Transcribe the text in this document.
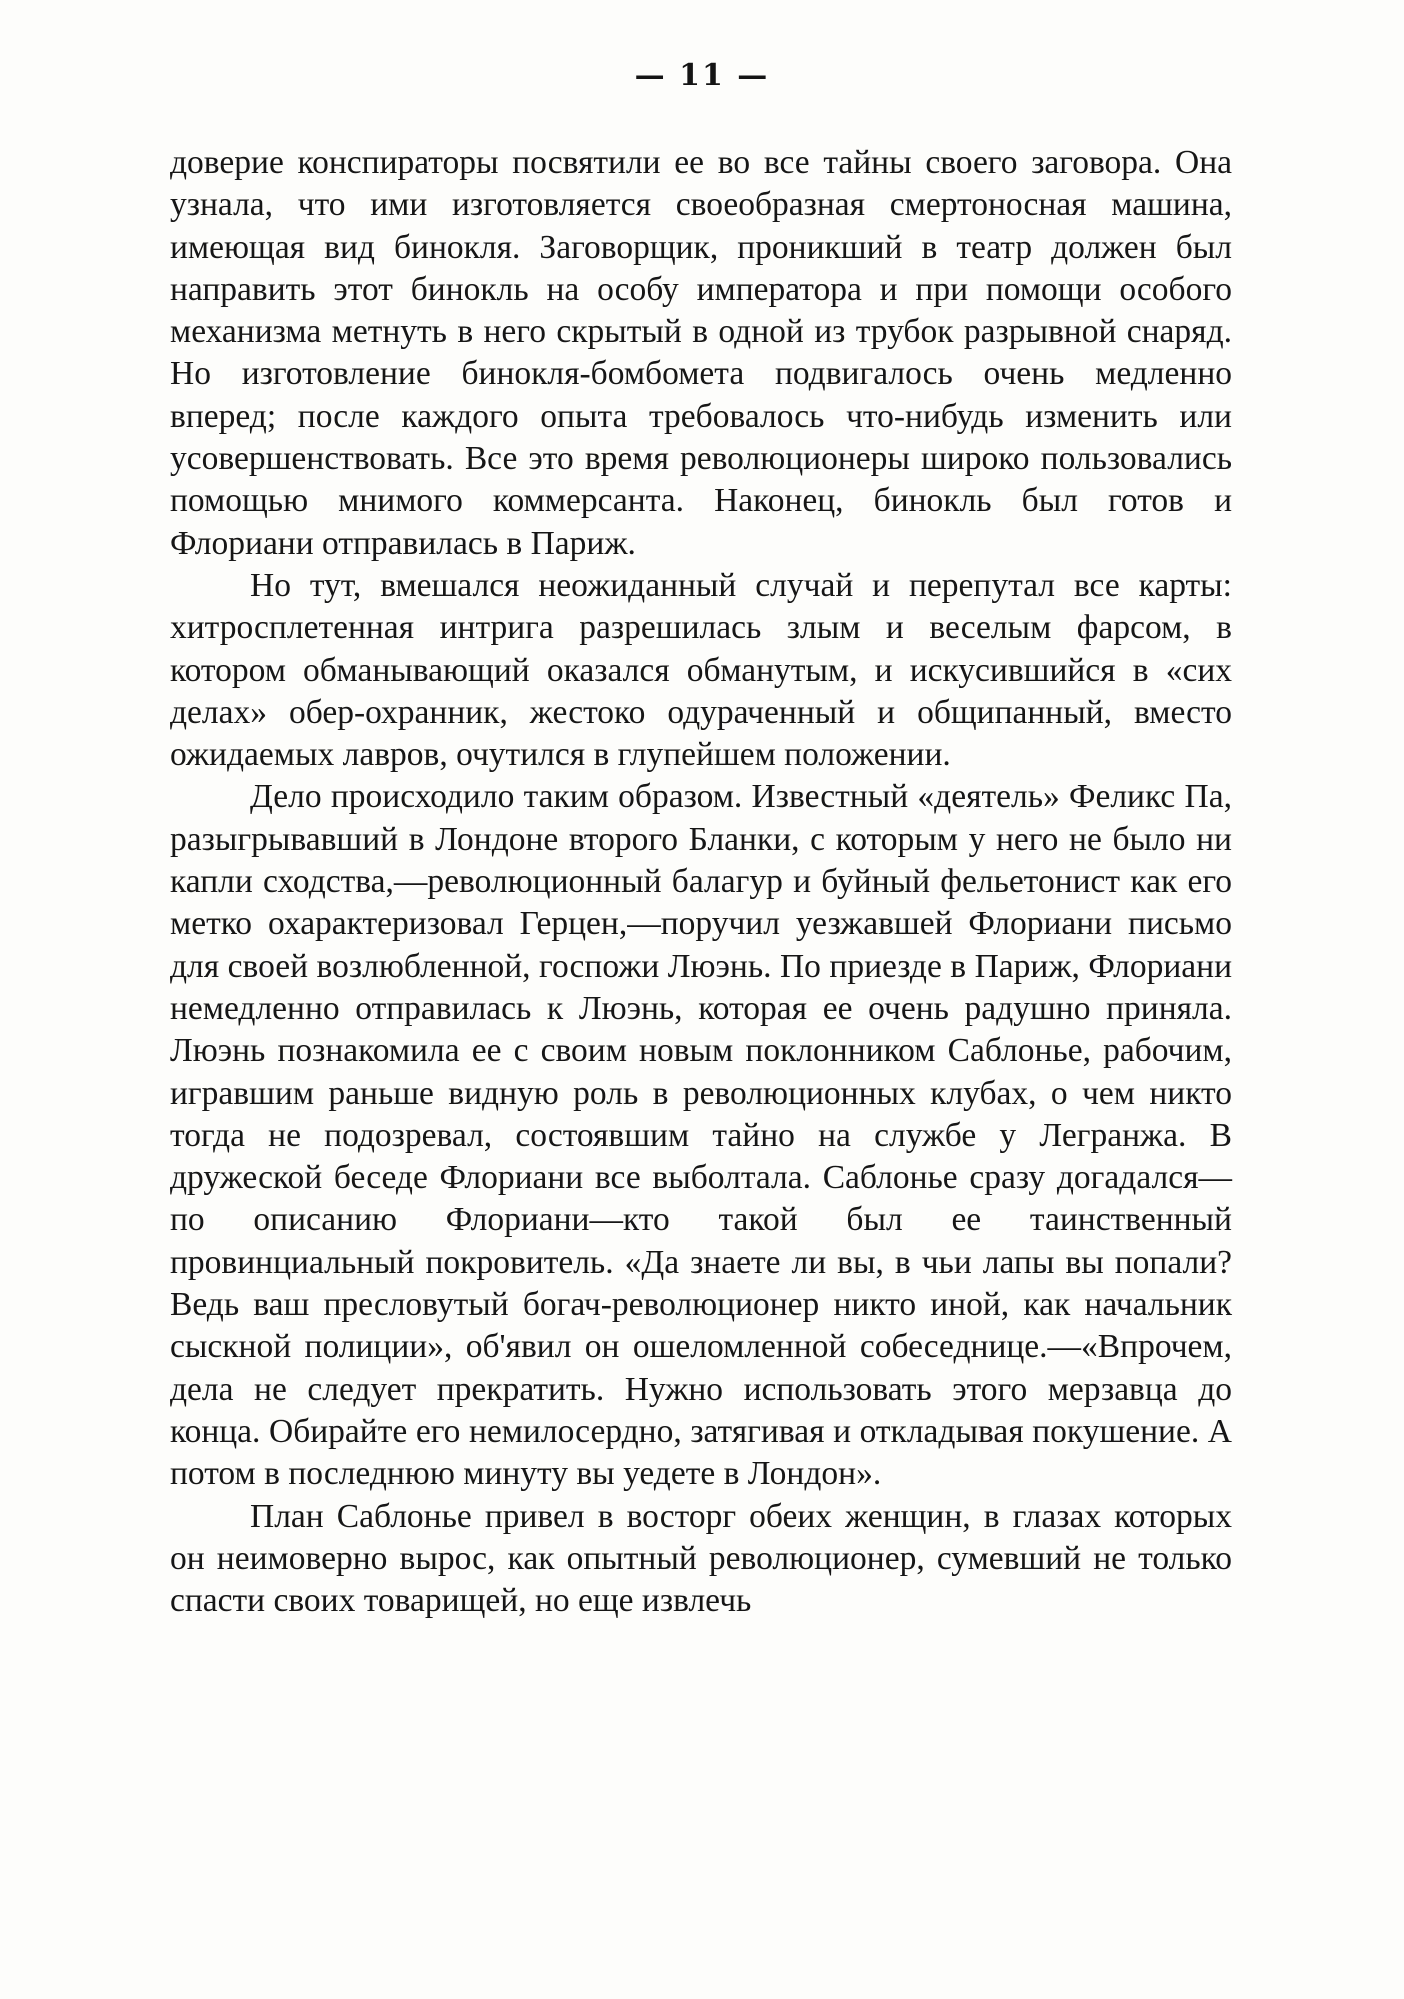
— 11 —

доверие конспираторы посвятили ее во все тайны своего заговора. Она узнала, что ими изготовляется своеобразная смертоносная машина, имеющая вид бинокля. Заговорщик, проникший в театр должен был направить этот бинокль на особу императора и при помощи особого механизма метнуть в него скрытый в одной из трубок разрывной снаряд. Но изготовление бинокля-бомбомета подвигалось очень медленно вперед; после каждого опыта требовалось что-нибудь изменить или усовершенствовать. Все это время революционеры широко пользовались помощью мнимого коммерсанта. Наконец, бинокль был готов и Флориани отправилась в Париж.

Но тут, вмешался неожиданный случай и перепутал все карты: хитросплетенная интрига разрешилась злым и веселым фарсом, в котором обманывающий оказался обманутым, и искусившийся в «сих делах» обер-охранник, жестоко одураченный и общипанный, вместо ожидаемых лавров, очутился в глупейшем положении.

Дело происходило таким образом. Известный «деятель» Феликс Па, разыгрывавший в Лондоне второго Бланки, с которым у него не было ни капли сходства,—революционный балагур и буйный фельетонист как его метко охарактеризовал Герцен,—поручил уезжавшей Флориани письмо для своей возлюбленной, госпожи Люэнь. По приезде в Париж, Флориани немедленно отправилась к Люэнь, которая ее очень радушно приняла. Люэнь познакомила ее с своим новым поклонником Саблонье, рабочим, игравшим раньше видную роль в революционных клубах, о чем никто тогда не подозревал, состоявшим тайно на службе у Легранжа. В дружеской беседе Флориани все выболтала. Саблонье сразу догадался—по описанию Флориани—кто такой был ее таинственный провинциальный покровитель. «Да знаете ли вы, в чьи лапы вы попали? Ведь ваш пресловутый богач-революционер никто иной, как начальник сыскной полиции», об'явил он ошеломленной собеседнице.—«Впрочем, дела не следует прекратить. Нужно использовать этого мерзавца до конца. Обирайте его немилосердно, затягивая и откладывая покушение. А потом в последнюю минуту вы уедете в Лондон».

План Саблонье привел в восторг обеих женщин, в глазах которых он неимоверно вырос, как опытный революционер, сумевший не только спасти своих товарищей, но еще извлечь
